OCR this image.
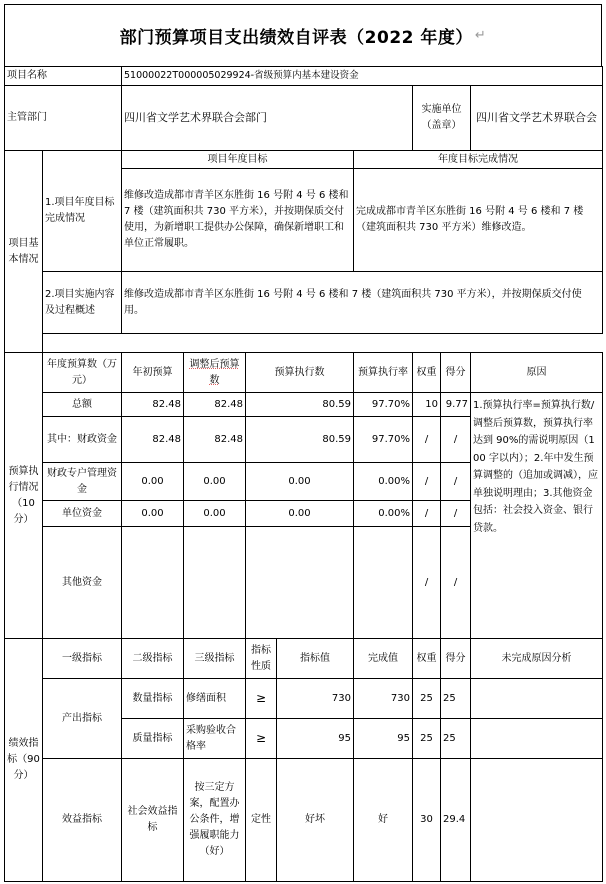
部门预算项目支出绩效自评表（2022 年度） ↵
项目名称		51000022T000005029924-省级预算内基本建设资金							
主管部门		四川省文学艺术界联合会部门					实施单位（盖章）		四川省文学艺术界联合会
项目基本情况	1.项目年度目标完成情况	项目年度目标				年度目标完成情况			
		维修改造成都市青羊区东胜街 16 号附 4 号 6 楼和 7 楼（建筑面积共 730 平方米），并按期保质交付使用，为新增职工提供办公保障，确保新增职工和单位正常履职。				完成成都市青羊区东胜街 16 号附 4 号 6 楼和 7 楼（建筑面积共 730 平方米）维修改造。			
	2.项目实施内容及过程概述	维修改造成都市青羊区东胜街 16 号附 4 号 6 楼和 7 楼（建筑面积共 730 平方米），并按期保质交付使用。							

预算执行情况（10分）	年度预算数（万元）	年初预算	调整后预算数	预算执行数		预算执行率	权重	得分	原因
	总额	82.48	82.48	80.59		97.70%	10	9.77	1.预算执行率=预算执行数/调整后预算数，预算执行率达到 90%的需说明原因（100 字以内）；2.年中发生预算调整的（追加或调减），应单独说明理由；3.其他资金包括：社会投入资金、银行贷款。
	其中：财政资金	82.48	82.48	80.59		97.70%	/	/	
	财政专户管理资金	0.00	0.00	0.00		0.00%	/	/	
	单位资金	0.00	0.00	0.00		0.00%	/	/	
	其他资金						/	/	
绩效指标（90分）	一级指标	二级指标	三级指标	指标性质	指标值	完成值	权重	得分	未完成原因分析
	产出指标	数量指标	修缮面积	≥	730	730	25	25	
		质量指标	采购验收合格率	≥	95	95	25	25	
	效益指标	社会效益指标	按三定方案，配置办公条件，增强履职能力（好）	定性	好坏	好	30	29.4	
